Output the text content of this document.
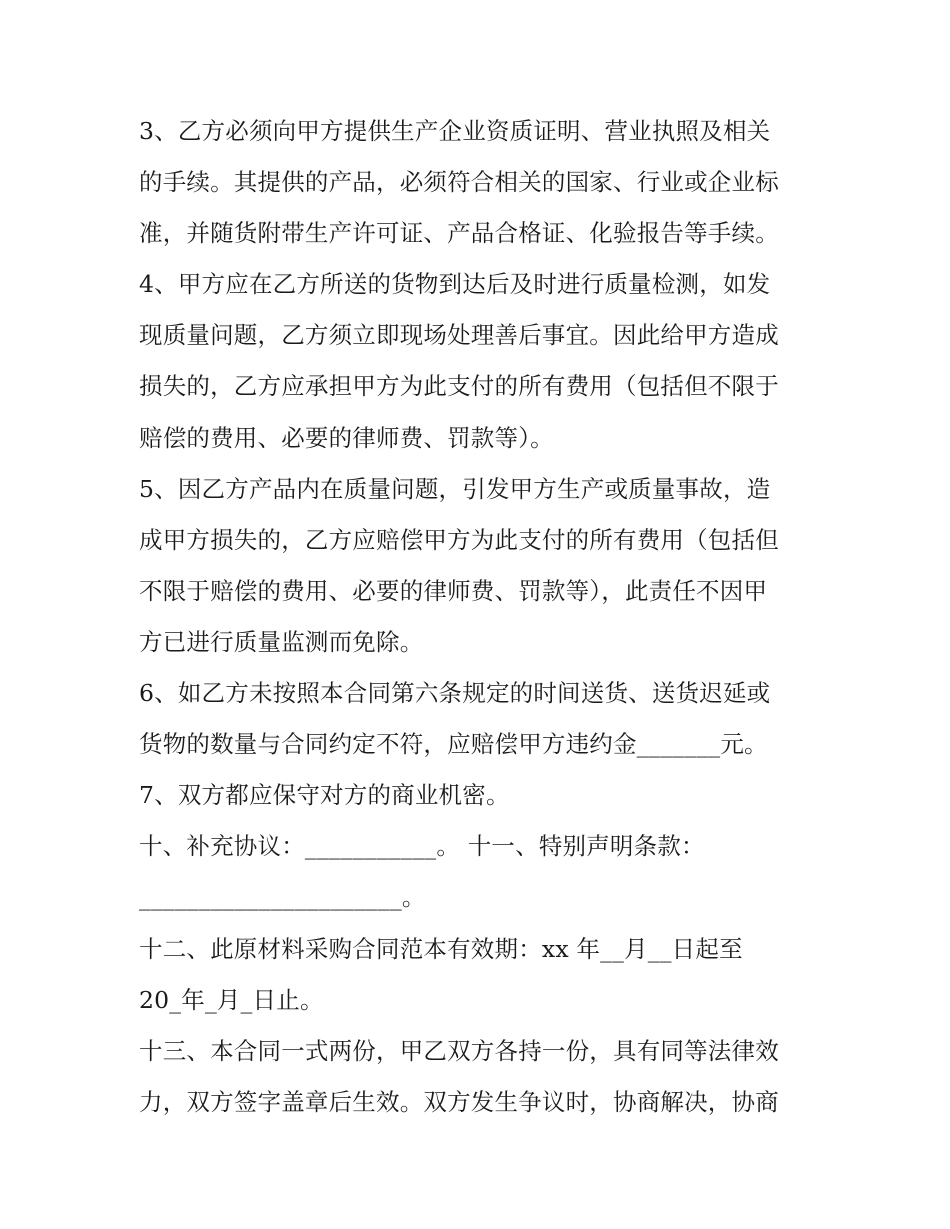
3、乙方必须向甲方提供生产企业资质证明、营业执照及相关
的手续。其提供的产品，必须符合相关的国家、行业或企业标
准，并随货附带生产许可证、产品合格证、化验报告等手续。
4、甲方应在乙方所送的货物到达后及时进行质量检测，如发
现质量问题，乙方须立即现场处理善后事宜。因此给甲方造成
损失的，乙方应承担甲方为此支付的所有费用（包括但不限于
赔偿的费用、必要的律师费、罚款等）。
5、因乙方产品内在质量问题，引发甲方生产或质量事故，造
成甲方损失的，乙方应赔偿甲方为此支付的所有费用（包括但
不限于赔偿的费用、必要的律师费、罚款等），此责任不因甲
方已进行质量监测而免除。
6、如乙方未按照本合同第六条规定的时间送货、送货迟延或
货物的数量与合同约定不符，应赔偿甲方违约金_______元。
7、双方都应保守对方的商业机密。
十、补充协议：___________。 十一、特别声明条款：
______________________。
十二、此原材料采购合同范本有效期：xx 年__月__日起至
20_年_月_日止。
十三、本合同一式两份，甲乙双方各持一份，具有同等法律效
力，双方签字盖章后生效。双方发生争议时，协商解决，协商
